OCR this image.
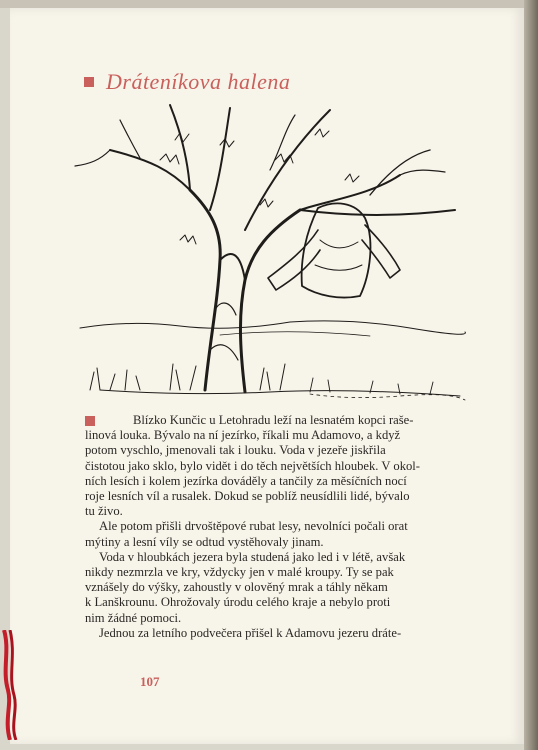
Dráteníkova halena
Blízko Kunčic u Letohradu leží na lesnatém kopci raše-
linová louka. Bývalo na ní jezírko, říkali mu Adamovo, a když
potom vyschlo, jmenovali tak i louku. Voda v jezeře jiskřila
čistotou jako sklo, bylo vidět i do těch největších hloubek. V okol-
ních lesích i kolem jezírka dováděly a tančily za měsíčních nocí
roje lesních víl a rusalek. Dokud se poblíž neusídlili lidé, bývalo
tu živo.
Ale potom přišli drvoštěpové rubat lesy, nevolníci počali orat
mýtiny a lesní víly se odtud vystěhovaly jinam.
Voda v hloubkách jezera byla studená jako led i v létě, avšak
nikdy nezmrzla ve kry, vždycky jen v malé kroupy. Ty se pak
vznášely do výšky, zahoustly v olověný mrak a táhly někam
k Lanškrounu. Ohrožovaly úrodu celého kraje a nebylo proti
nim žádné pomoci.
Jednou za letního podvečera přišel k Adamovu jezeru dráte-
107
